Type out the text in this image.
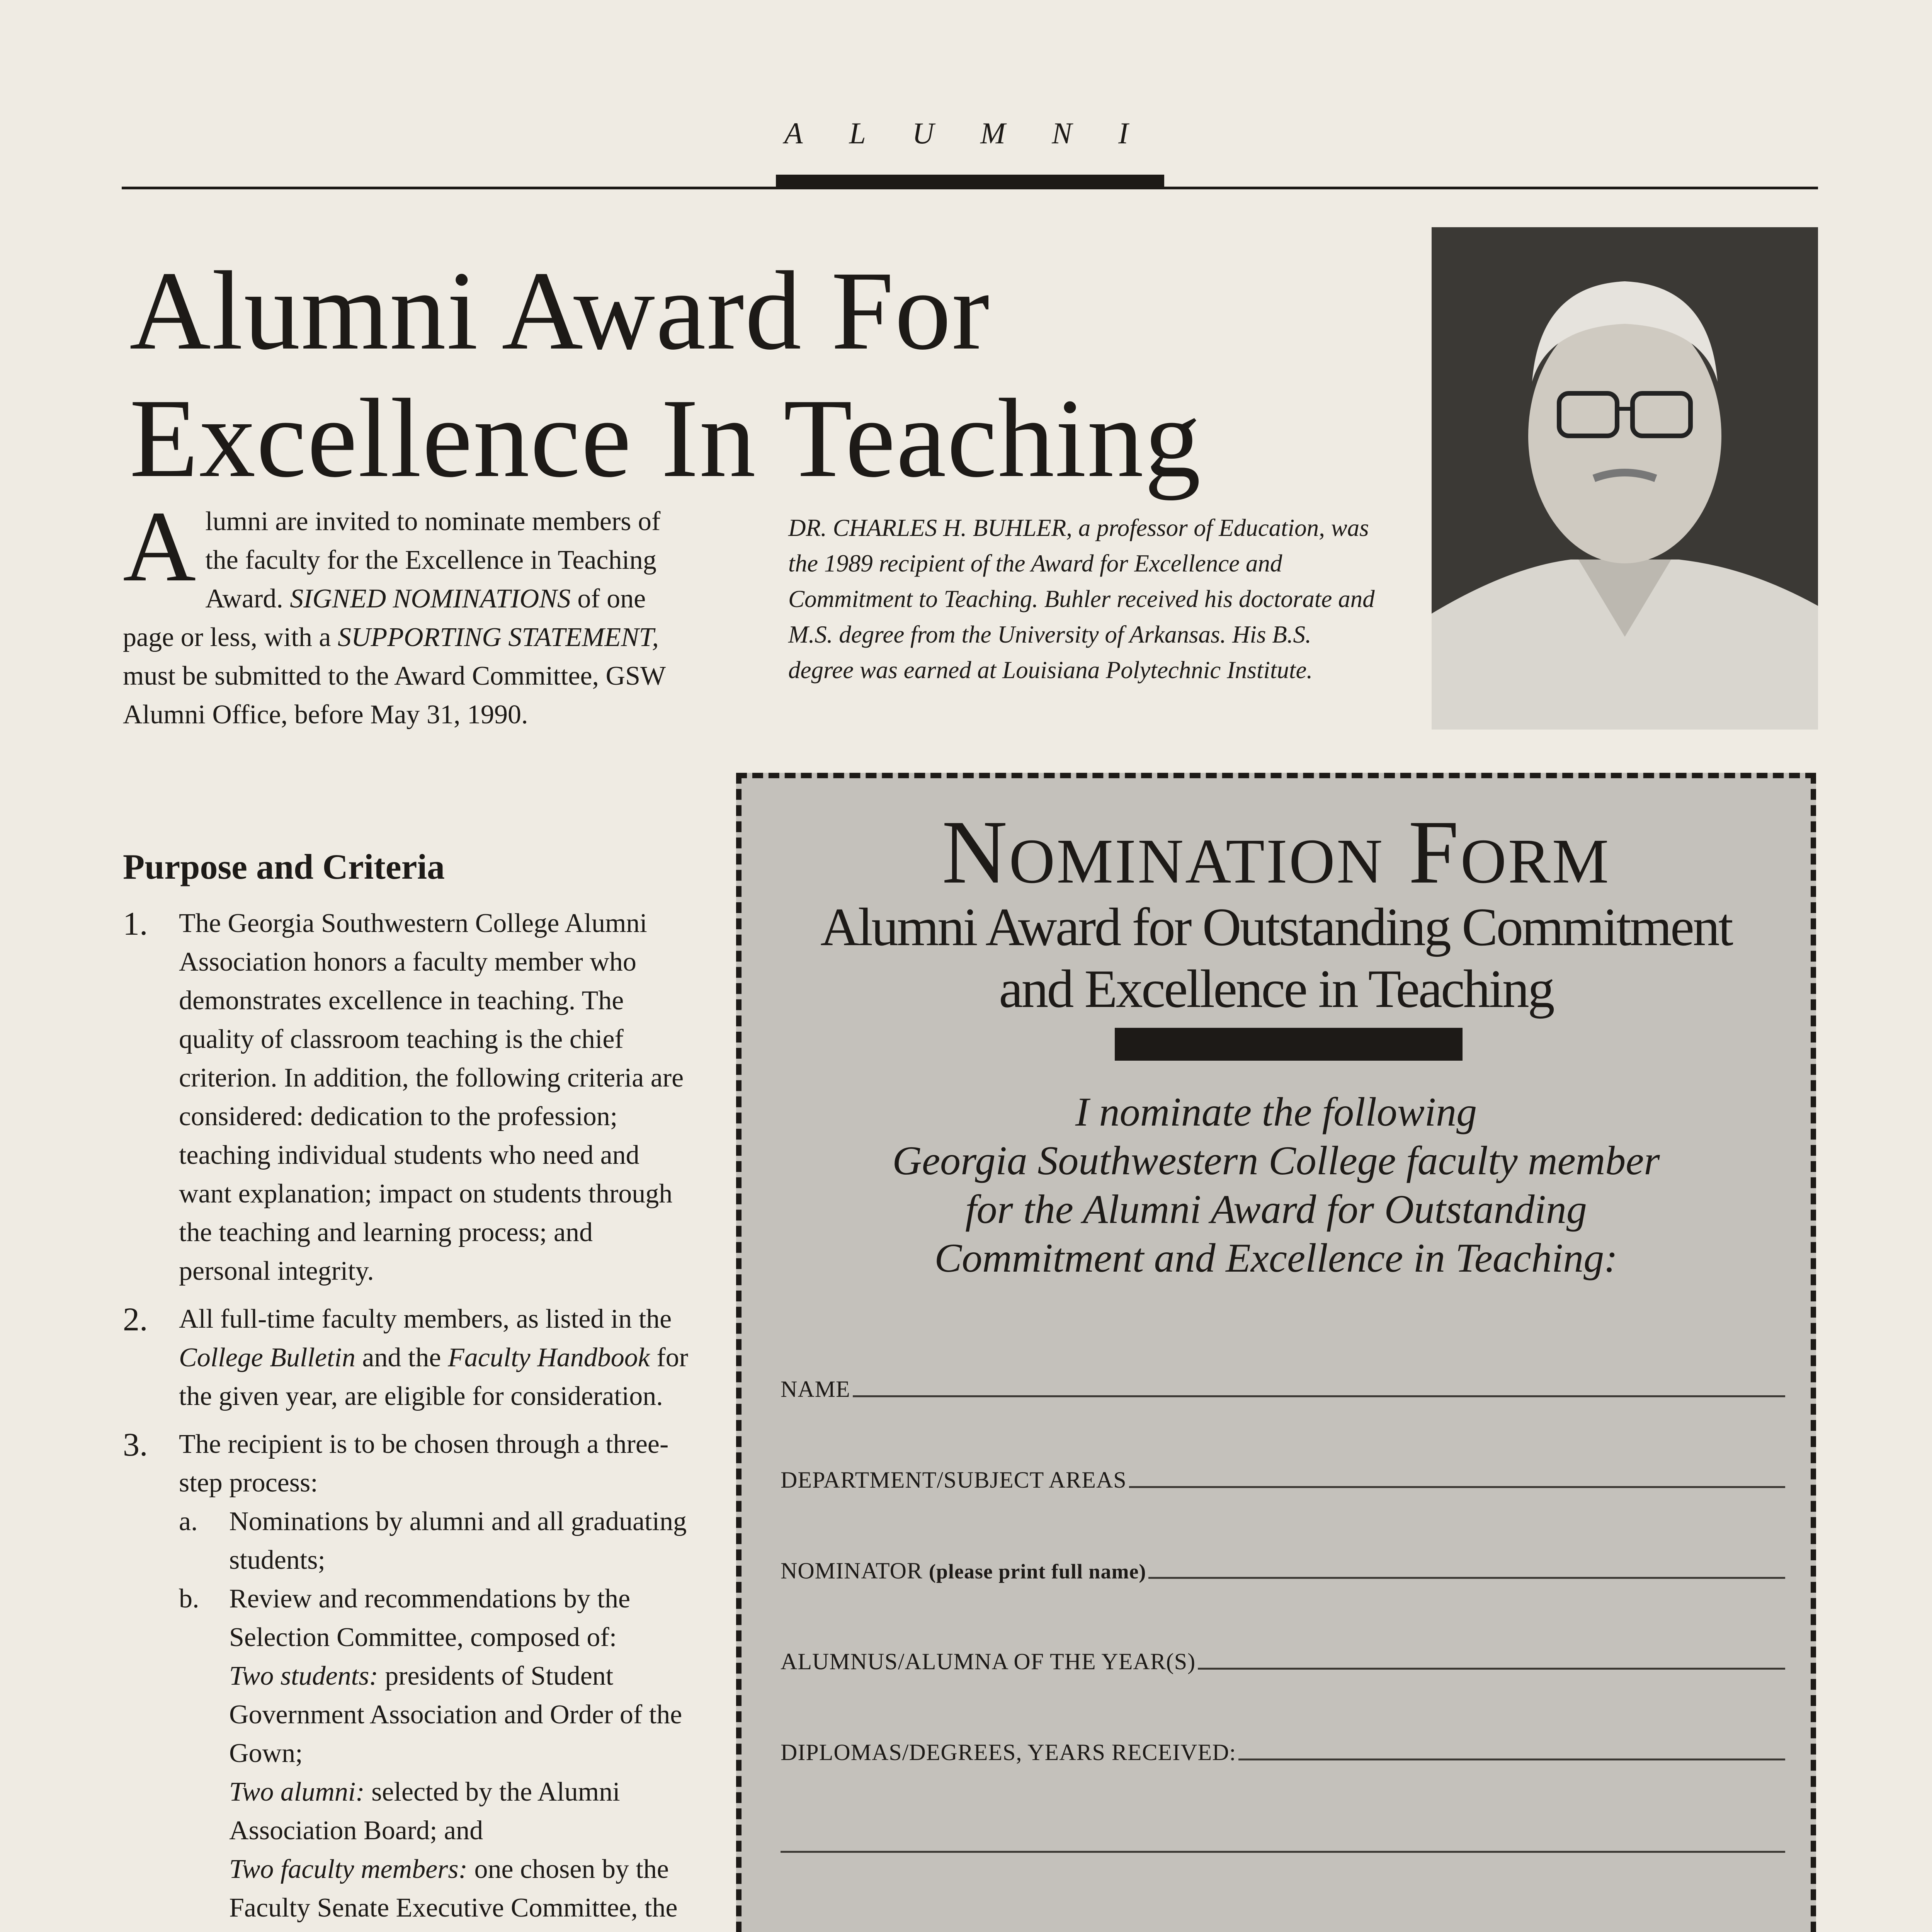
ALUMNI
Alumni Award For
Excellence In Teaching
DR. CHARLES H. BUHLER, a professor of Education, was the 1989 recipient of the Award for Excellence and Commitment to Teaching. Buhler received his doctorate and M.S. degree from the University of Arkansas. His B.S. degree was earned at Louisiana Polytechnic Institute.
Alumni are invited to nominate members of the faculty for the Excellence in Teaching Award. SIGNED NOMINATIONS of one page or less, with a SUPPORTING STATEMENT, must be submitted to the Award Committee, GSW Alumni Office, before May 31, 1990.
Purpose and Criteria
1. The Georgia Southwestern College Alumni Association honors a faculty member who demonstrates excellence in teaching. The quality of classroom teaching is the chief criterion. In addition, the following criteria are considered: dedication to the profession; teaching individual students who need and want explanation; impact on students through the teaching and learning process; and personal integrity.
2. All full-time faculty members, as listed in the College Bulletin and the Faculty Handbook for the given year, are eligible for consideration.
3. The recipient is to be chosen through a three-step process:
a. Nominations by alumni and all graduating students;
b. Review and recommendations by the Selection Committee, composed of:
Two students: presidents of Student Government Association and Order of the Gown;
Two alumni: selected by the Alumni Association Board; and
Two faculty members: one chosen by the Faculty Senate Executive Committee, the
Nomination Form
Alumni Award for Outstanding Commitment
and Excellence in Teaching
I nominate the following
Georgia Southwestern College faculty member
for the Alumni Award for Outstanding
Commitment and Excellence in Teaching:
NAME
DEPARTMENT/SUBJECT AREAS
NOMINATOR (please print full name)
ALUMNUS/ALUMNA OF THE YEAR(S)
DIPLOMAS/DEGREES, YEARS RECEIVED:
